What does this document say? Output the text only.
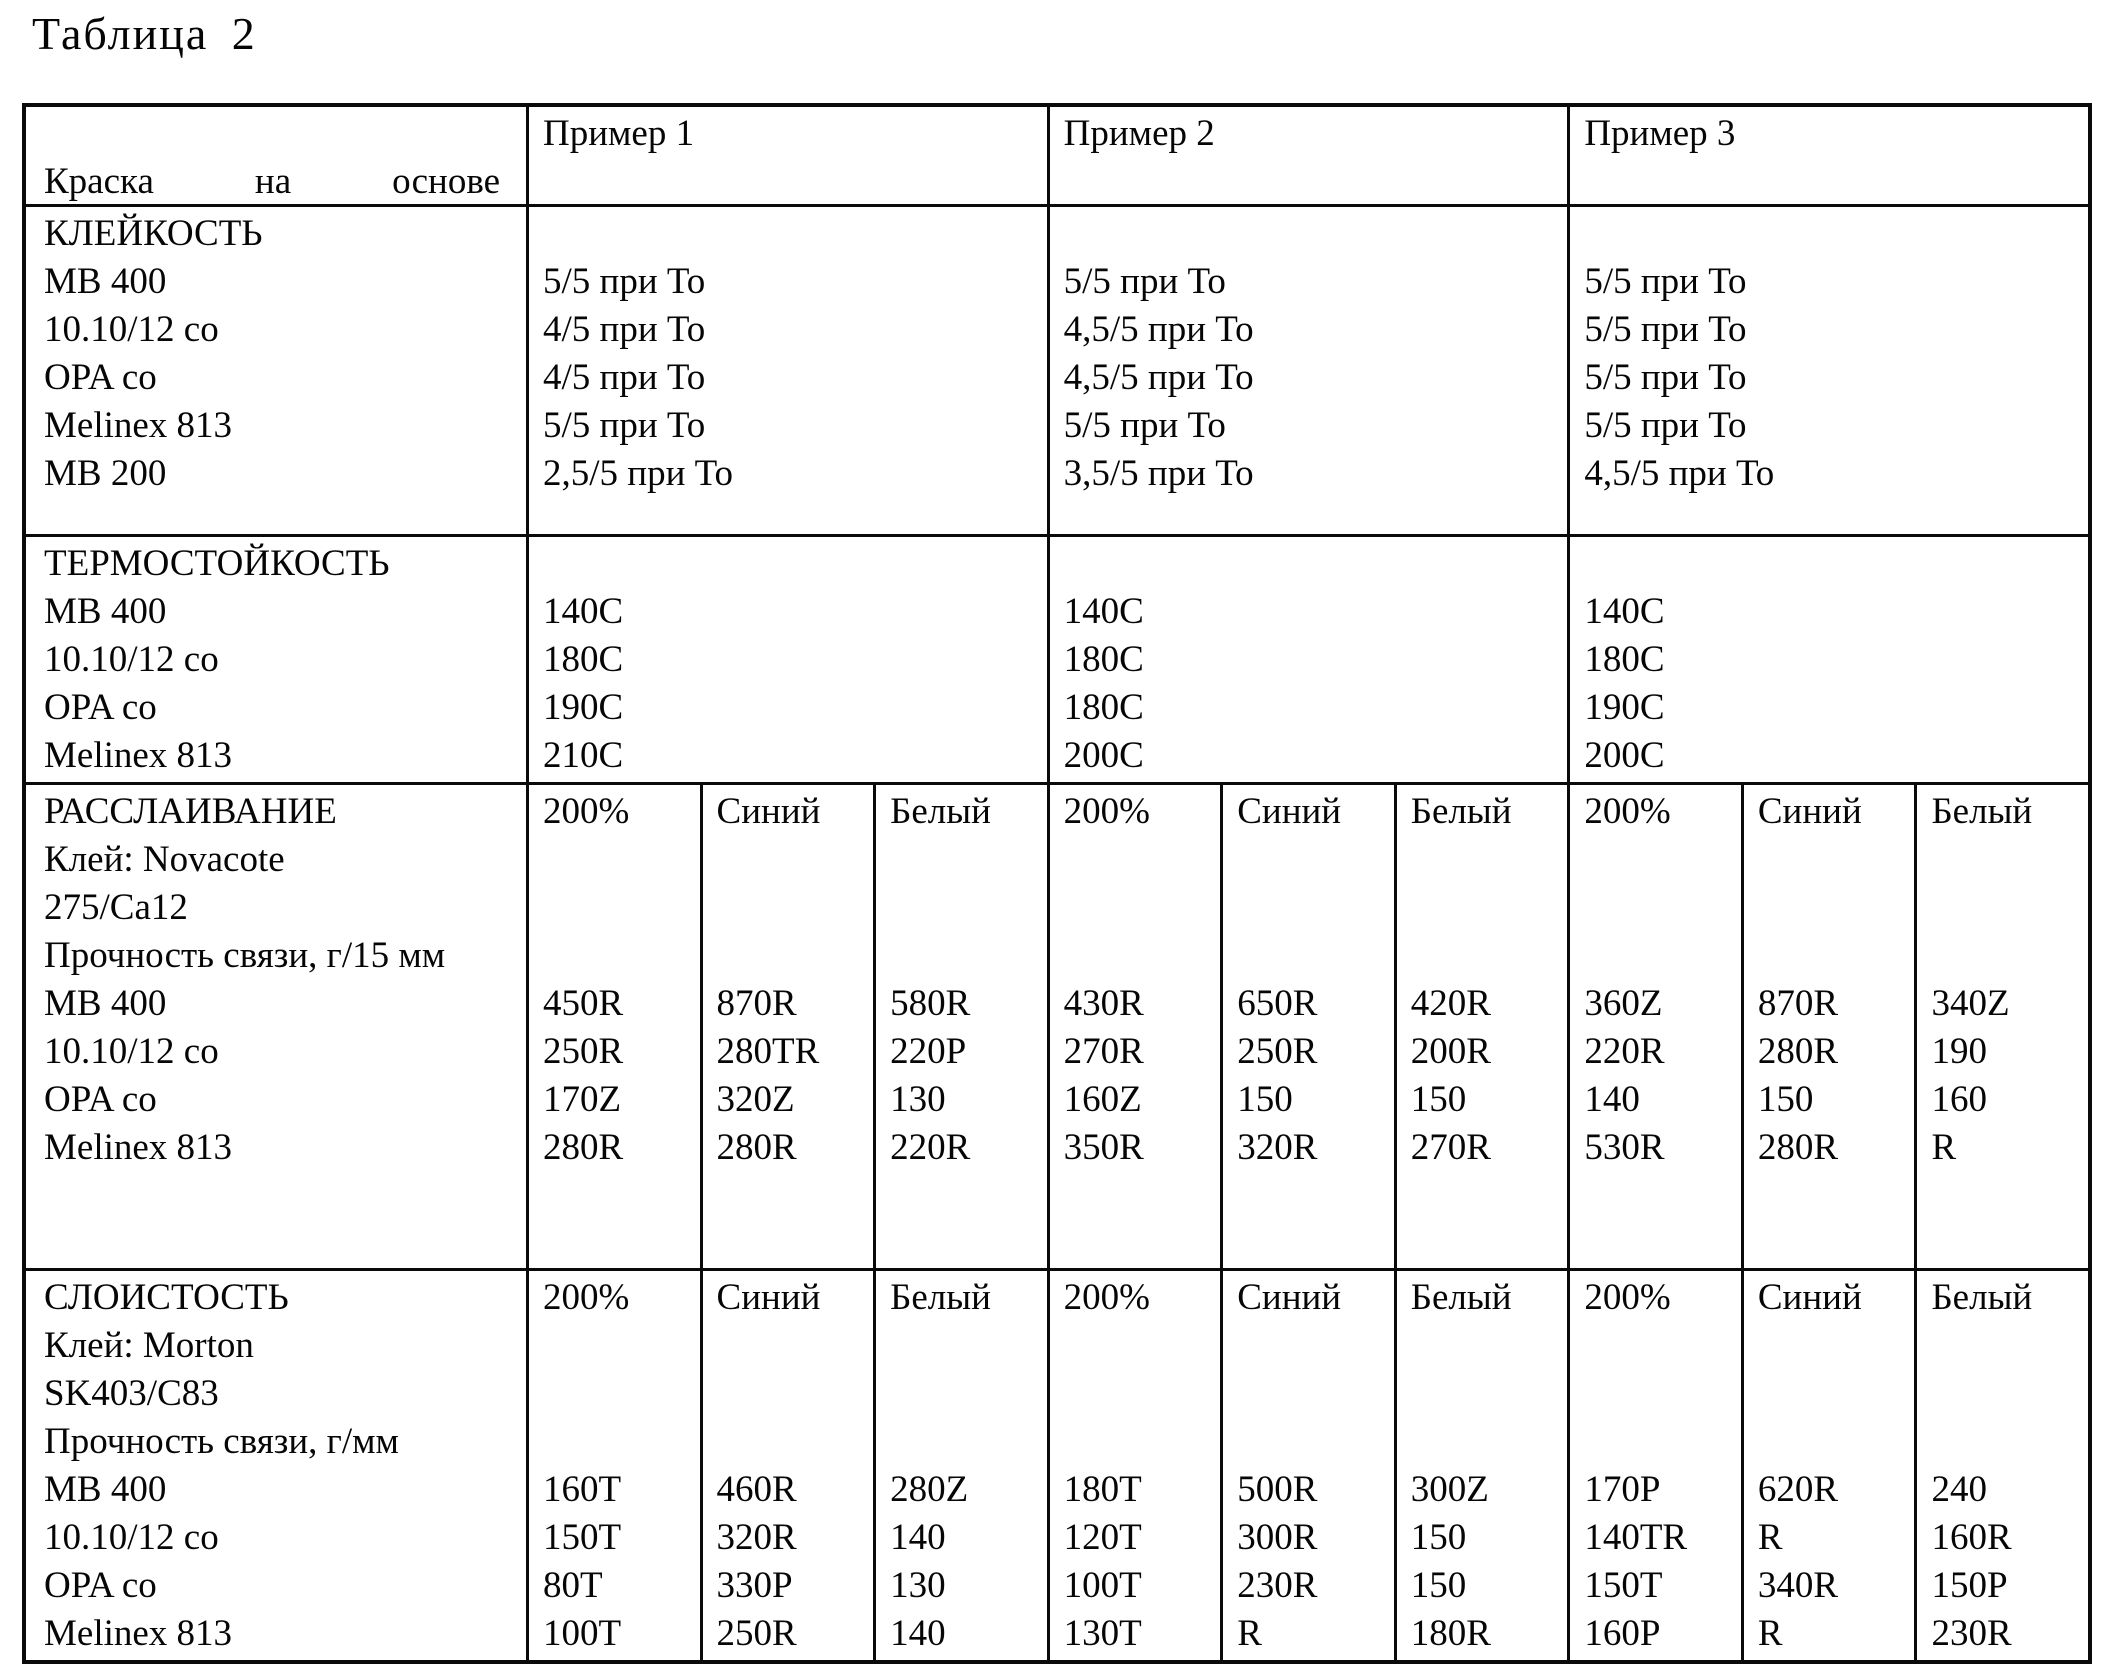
Таблица 2

Краска на основе

Пример 1	Пример 2	Пример 3
КЛЕЙКОСТЬ
MB 400
10.10/12 co
OPA co
Melinex 813
MB 200

5/5 при То
4/5 при То
4/5 при То
5/5 при То
2,5/5 при То

5/5 при То
4,5/5 при То
4,5/5 при То
5/5 при То
3,5/5 при То

5/5 при То
5/5 при То
5/5 при То
5/5 при То
4,5/5 при То
ТЕРМОСТОЙКОСТЬ
MB 400
10.10/12 co
OPA co
Melinex 813

140C
180C
190C
210C

140C
180C
180C
200C

140C
180C
190C
200C
РАССЛАИВАНИЕ
Клей: Novacote
275/Ca12
Прочность связи, г/15 мм
MB 400
10.10/12 co
OPA co
Melinex 813
200%

450R
250R
170Z
280R
Синий

870R
280TR
320Z
280R
Белый

580R
220P
130
220R
200%

430R
270R
160Z
350R
Синий

650R
250R
150
320R
Белый

420R
200R
150
270R
200%

360Z
220R
140
530R
Синий

870R
280R
150
280R
Белый

340Z
190
160
R
СЛОИСТОСТЬ
Клей: Morton
SK403/C83
Прочность связи, г/мм
MB 400
10.10/12 co
OPA co
Melinex 813
200%

160T
150T
80T
100T
Синий

460R
320R
330P
250R
Белый

280Z
140
130
140
200%

180T
120T
100T
130T
Синий

500R
300R
230R
R
Белый

300Z
150
150
180R
200%

170P
140TR
150T
160P
Синий

620R
R
340R
R
Белый

240
160R
150P
230R
